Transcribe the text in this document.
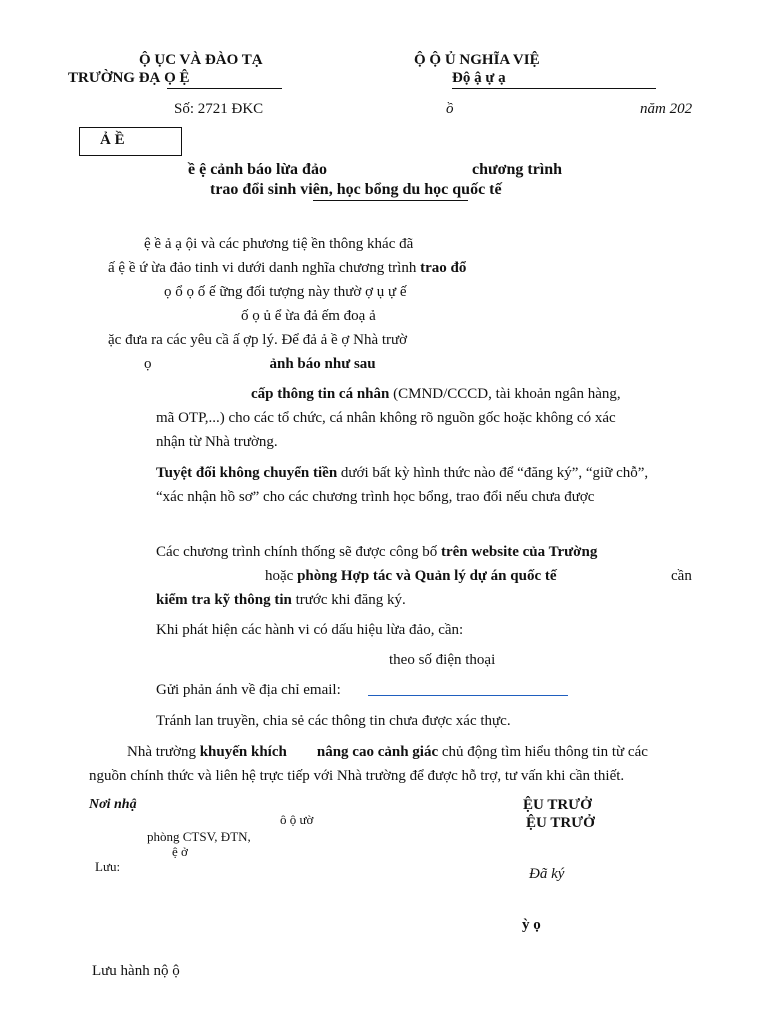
Ộ ỤC VÀ ĐÀO TẠ
TRƯỜNG ĐẠ Ọ Ệ
Ộ Ộ Ủ NGHĨA VIỆ
Độ ậ ự ạ
Số: 2721 ĐKC	ồ	năm 202
Ả Ề
ề ệ cảnh báo lừa đảo	chương trình
trao đổi sinh viên, học bổng du học quốc tế
ệ ề ả ạ ội và các phương tiệ ền thông khác đã
ấ ệ ề ứ ừa đảo tinh vi dưới danh nghĩa chương trình trao đổ
ọ ổ ọ ố ế ững đối tượng này thườ ợ ụ ự ế
ố ọ ủ ể ừa đả ếm đoạ ả
ặc đưa ra các yêu cầ ấ ợp lý. Để đả ả ề ợ Nhà trườ
ọ	ảnh báo như sau
cấp thông tin cá nhân (CMND/CCCD, tài khoản ngân hàng,
mã OTP,...) cho các tổ chức, cá nhân không rõ nguồn gốc hoặc không có xác
nhận từ Nhà trường.
Tuyệt đối không chuyển tiền dưới bất kỳ hình thức nào để “đăng ký”, “giữ chỗ”,
“xác nhận hồ sơ” cho các chương trình học bổng, trao đổi nếu chưa được
Các chương trình chính thống sẽ được công bố trên website của Trường
hoặc phòng Hợp tác và Quản lý dự án quốc tế	cần
kiểm tra kỹ thông tin trước khi đăng ký.
Khi phát hiện các hành vi có dấu hiệu lừa đảo, cần:
theo số điện thoại
Gửi phản ánh về địa chỉ email:
Tránh lan truyền, chia sẻ các thông tin chưa được xác thực.
Nhà trường khuyến khích nâng cao cảnh giác chủ động tìm hiểu thông tin từ các
nguồn chính thức và liên hệ trực tiếp với Nhà trường để được hỗ trợ, tư vấn khi cần thiết.
Nơi nhậ
ô ộ ườ
phòng CTSV, ĐTN,
ệ ở
Lưu:
ỆU TRƯỞ
ỆU TRƯỞ
Đã ký
ỳ ọ
Lưu hành nộ ộ
